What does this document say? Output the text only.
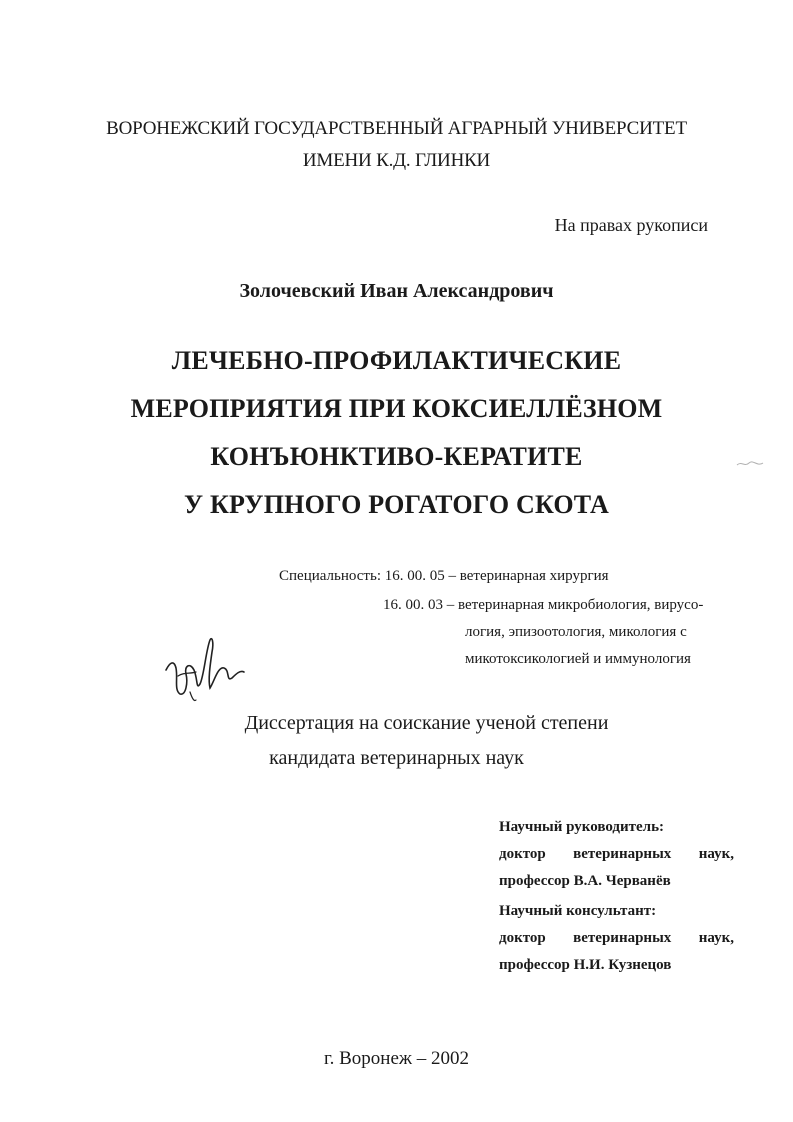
ВОРОНЕЖСКИЙ ГОСУДАРСТВЕННЫЙ АГРАРНЫЙ УНИВЕРСИТЕТ

ИМЕНИ К.Д. ГЛИНКИ

На правах рукописи

Золочевский Иван Александрович

ЛЕЧЕБНО-ПРОФИЛАКТИЧЕСКИЕ

МЕРОПРИЯТИЯ ПРИ КОКСИЕЛЛЁЗНОМ

КОНЪЮНКТИВО-КЕРАТИТЕ

У КРУПНОГО РОГАТОГО СКОТА

Специальность: 16. 00. 05 – ветеринарная хирургия

16. 00. 03 – ветеринарная микробиология, вирусо-

логия, эпизоотология, микология с

микотоксикологией и иммунология

Диссертация на соискание ученой степени

кандидата ветеринарных наук

Научный руководитель:
доктор ветеринарных наук,
профессор В.А. Черванёв
Научный консультант:
доктор ветеринарных наук,
профессор Н.И. Кузнецов

г. Воронеж – 2002
